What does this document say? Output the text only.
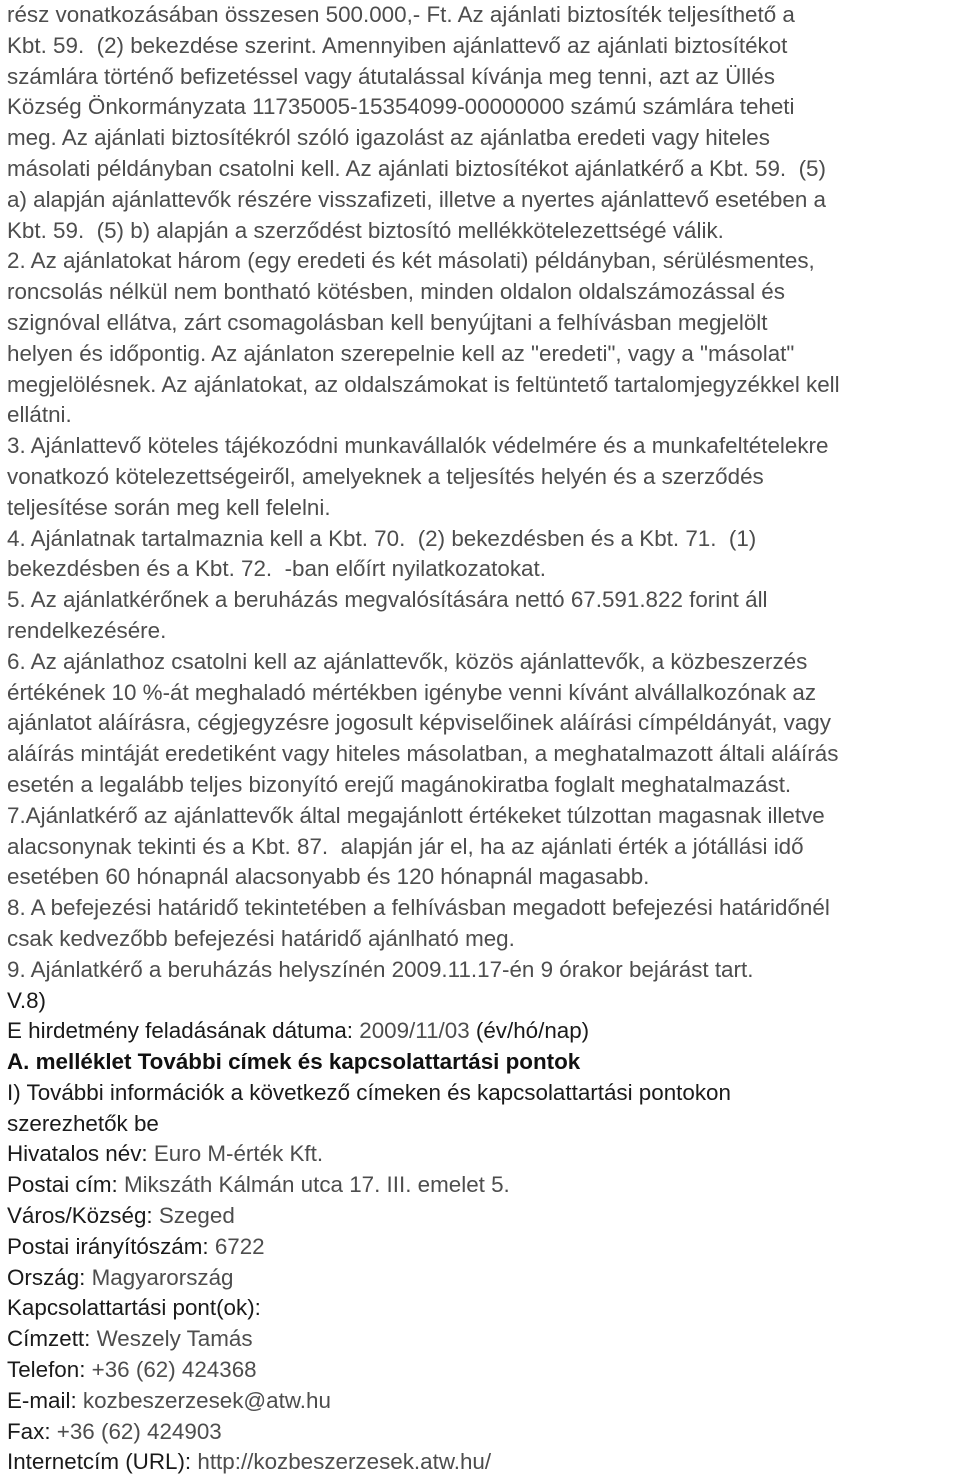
rész vonatkozásában összesen 500.000,- Ft. Az ajánlati biztosíték teljesíthető a
Kbt. 59.  (2) bekezdése szerint. Amennyiben ajánlattevő az ajánlati biztosítékot
számlára történő befizetéssel vagy átutalással kívánja meg tenni, azt az Üllés
Község Önkormányzata 11735005-15354099-00000000 számú számlára teheti
meg. Az ajánlati biztosítékról szóló igazolást az ajánlatba eredeti vagy hiteles
másolati példányban csatolni kell. Az ajánlati biztosítékot ajánlatkérő a Kbt. 59.  (5)
a) alapján ajánlattevők részére visszafizeti, illetve a nyertes ajánlattevő esetében a
Kbt. 59.  (5) b) alapján a szerződést biztosító mellékkötelezettségé válik.
2. Az ajánlatokat három (egy eredeti és két másolati) példányban, sérülésmentes,
roncsolás nélkül nem bontható kötésben, minden oldalon oldalszámozással és
szignóval ellátva, zárt csomagolásban kell benyújtani a felhívásban megjelölt
helyen és időpontig. Az ajánlaton szerepelnie kell az "eredeti", vagy a "másolat"
megjelölésnek. Az ajánlatokat, az oldalszámokat is feltüntető tartalomjegyzékkel kell
ellátni.
3. Ajánlattevő köteles tájékozódni munkavállalók védelmére és a munkafeltételekre
vonatkozó kötelezettségeiről, amelyeknek a teljesítés helyén és a szerződés
teljesítése során meg kell felelni.
4. Ajánlatnak tartalmaznia kell a Kbt. 70.  (2) bekezdésben és a Kbt. 71.  (1)
bekezdésben és a Kbt. 72.  -ban előírt nyilatkozatokat.
5. Az ajánlatkérőnek a beruházás megvalósítására nettó 67.591.822 forint áll
rendelkezésére.
6. Az ajánlathoz csatolni kell az ajánlattevők, közös ajánlattevők, a közbeszerzés
értékének 10 %-át meghaladó mértékben igénybe venni kívánt alvállalkozónak az
ajánlatot aláírásra, cégjegyzésre jogosult képviselőinek aláírási címpéldányát, vagy
aláírás mintáját eredetiként vagy hiteles másolatban, a meghatalmazott általi aláírás
esetén a legalább teljes bizonyító erejű magánokiratba foglalt meghatalmazást.
7.Ajánlatkérő az ajánlattevők által megajánlott értékeket túlzottan magasnak illetve
alacsonynak tekinti és a Kbt. 87.  alapján jár el, ha az ajánlati érték a jótállási idő
esetében 60 hónapnál alacsonyabb és 120 hónapnál magasabb.
8. A befejezési határidő tekintetében a felhívásban megadott befejezési határidőnél
csak kedvezőbb befejezési határidő ajánlható meg.
9. Ajánlatkérő a beruházás helyszínén 2009.11.17-én 9 órakor bejárást tart.
V.8)
E hirdetmény feladásának dátuma: 2009/11/03 (év/hó/nap)
A. melléklet További címek és kapcsolattartási pontok
I) További információk a következő címeken és kapcsolattartási pontokon
szerezhetők be
Hivatalos név: Euro M-érték Kft.
Postai cím: Mikszáth Kálmán utca 17. III. emelet 5.
Város/Község: Szeged
Postai irányítószám: 6722
Ország: Magyarország
Kapcsolattartási pont(ok):
Címzett: Weszely Tamás
Telefon: +36 (62) 424368
E-mail: kozbeszerzesek@atw.hu
Fax: +36 (62) 424903
Internetcím (URL): http://kozbeszerzesek.atw.hu/
